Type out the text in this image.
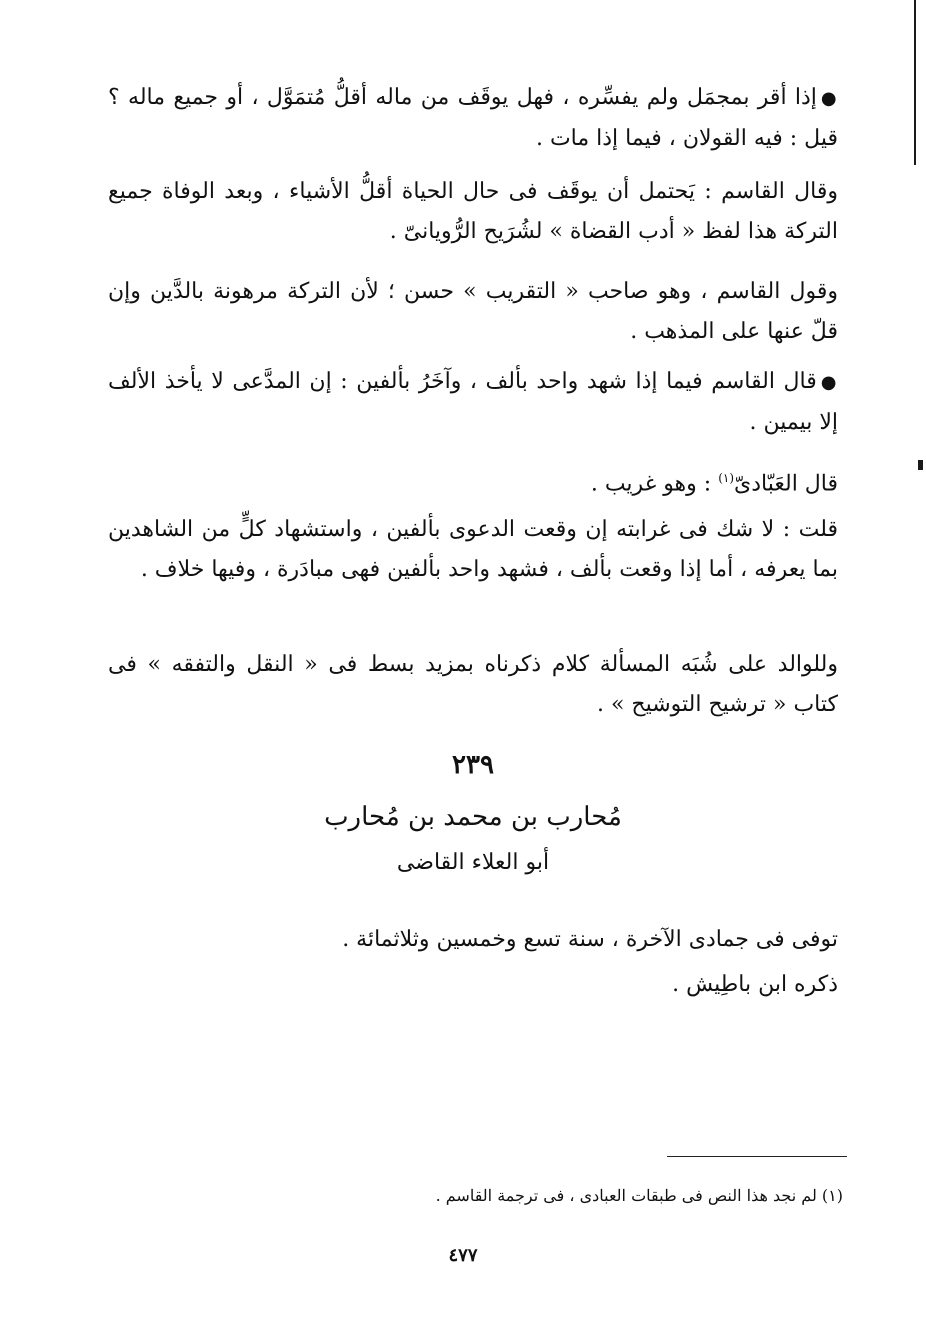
●إذا أقر بمجمَل ولم يفسِّره ، فهل يوقَف من ماله أقلُّ مُتمَوَّل ، أو جميع ماله ؟ قيل : فيه القولان ، فيما إذا مات .

وقال القاسم : يَحتمل أن يوقَف فى حال الحياة أقلُّ الأشياء ، وبعد الوفاة جميع التركة هذا لفظ « أدب القضاة » لشُرَيح الرُّويانىّ .

وقول القاسم ، وهو صاحب « التقريب » حسن ؛ لأن التركة مرهونة بالدَّين وإن قلّ عنها على المذهب .

●قال القاسم فيما إذا شهد واحد بألف ، وآخَرُ بألفين : إن المدَّعى لا يأخذ الألف إلا بيمين .

قال العَبّادىّ$^{(١)}$ : وهو غريب .

قلت : لا شك فى غرابته إن وقعت الدعوى بألفين ، واستشهاد كلٍّ من الشاهدين بما يعرفه ، أما إذا وقعت بألف ، فشهد واحد بألفين فهى مبادَرة ، وفيها خلاف .

وللوالد على شُبَه المسألة كلام ذكرناه بمزيد بسط فى « النقل والتفقه » فى كتاب « ترشيح التوشيح » .

٢٣٩

مُحارب بن محمد بن مُحارب

أبو العلاء القاضى

توفى فى جمادى الآخرة ، سنة تسع وخمسين وثلاثمائة .

ذكره ابن باطِيش .

(١) لم نجد هذا النص فى طبقات العبادى ، فى ترجمة القاسم .

٤٧٧
